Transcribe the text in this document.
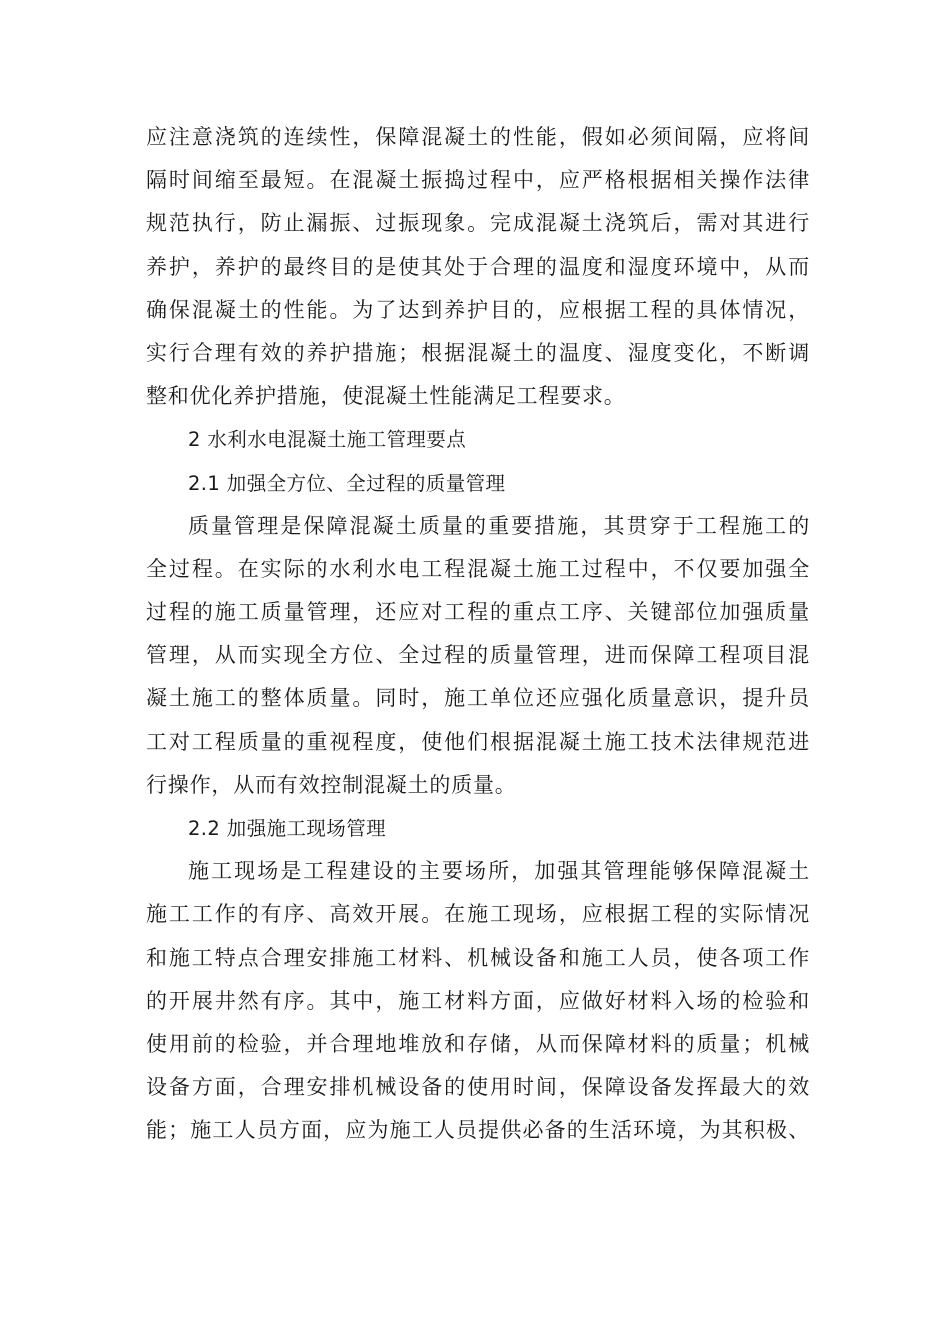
应注意浇筑的连续性，保障混凝土的性能，假如必须间隔，应将间
隔时间缩至最短。在混凝土振捣过程中，应严格根据相关操作法律
规范执行，防止漏振、过振现象。完成混凝土浇筑后，需对其进行
养护，养护的最终目的是使其处于合理的温度和湿度环境中，从而
确保混凝土的性能。为了达到养护目的，应根据工程的具体情况，
实行合理有效的养护措施；根据混凝土的温度、湿度变化，不断调
整和优化养护措施，使混凝土性能满足工程要求。
2 水利水电混凝土施工管理要点
2.1 加强全方位、全过程的质量管理
质量管理是保障混凝土质量的重要措施，其贯穿于工程施工的
全过程。在实际的水利水电工程混凝土施工过程中，不仅要加强全
过程的施工质量管理，还应对工程的重点工序、关键部位加强质量
管理，从而实现全方位、全过程的质量管理，进而保障工程项目混
凝土施工的整体质量。同时，施工单位还应强化质量意识，提升员
工对工程质量的重视程度，使他们根据混凝土施工技术法律规范进
行操作，从而有效控制混凝土的质量。
2.2 加强施工现场管理
施工现场是工程建设的主要场所，加强其管理能够保障混凝土
施工工作的有序、高效开展。在施工现场，应根据工程的实际情况
和施工特点合理安排施工材料、机械设备和施工人员，使各项工作
的开展井然有序。其中，施工材料方面，应做好材料入场的检验和
使用前的检验，并合理地堆放和存储，从而保障材料的质量；机械
设备方面，合理安排机械设备的使用时间，保障设备发挥最大的效
能；施工人员方面，应为施工人员提供必备的生活环境，为其积极、
